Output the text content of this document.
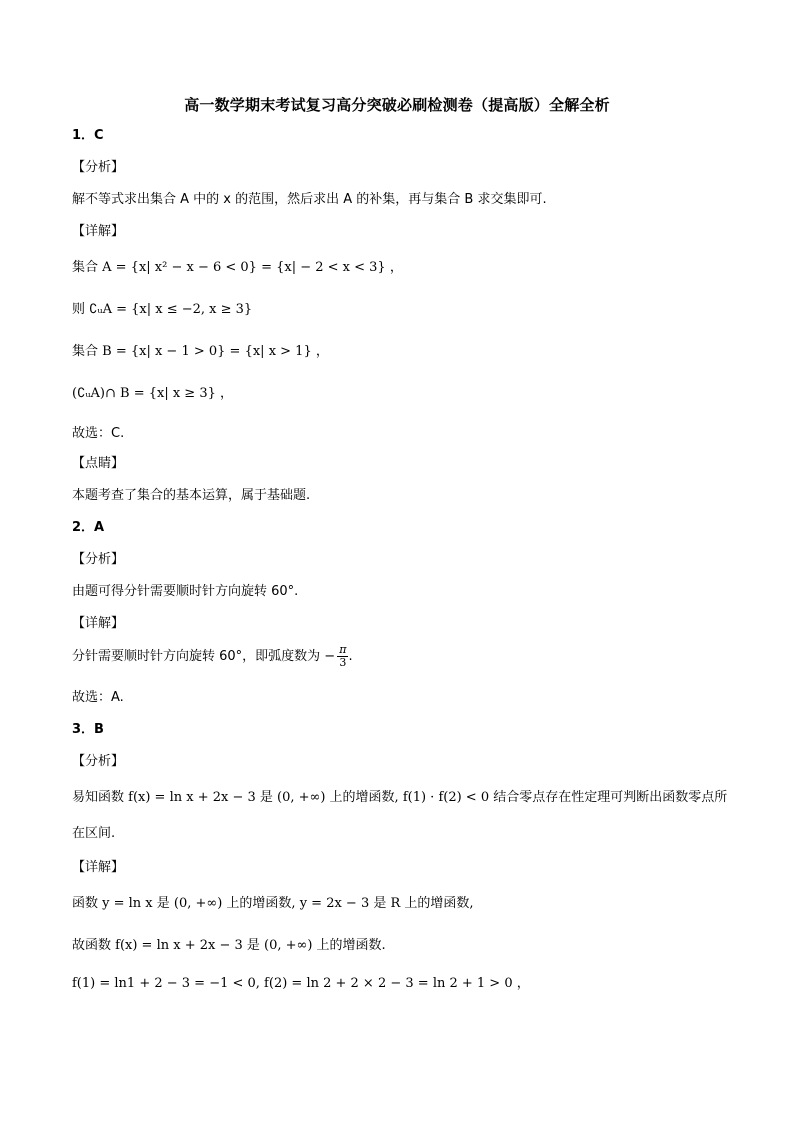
高一数学期末考试复习高分突破必刷检测卷（提高版）全解全析
1．C
【分析】
解不等式求出集合 A 中的 x 的范围，然后求出 A 的补集，再与集合 B 求交集即可.
【详解】
集合 A = {x| x² − x − 6 < 0} = {x| − 2 < x < 3} ，
则 ∁ᵤA = {x| x ≤ −2, x ≥ 3}
集合 B = {x| x − 1 > 0} = {x| x > 1} ，
(∁ᵤA)∩ B = {x| x ≥ 3} ，
故选：C.
【点睛】
本题考查了集合的基本运算，属于基础题.
2．A
【分析】
由题可得分针需要顺时针方向旋转 60°.
【详解】
分针需要顺时针方向旋转 60°，即弧度数为 − $\frac{\pi}{3}$ .
故选：A.
3．B
【分析】
易知函数 f(x) = ln x + 2x − 3 是 (0, +∞) 上的增函数, f(1) · f(2) < 0 结合零点存在性定理可判断出函数零点所
在区间.
【详解】
函数 y = ln x 是 (0, +∞) 上的增函数, y = 2x − 3 是 R 上的增函数,
故函数 f(x) = ln x + 2x − 3 是 (0, +∞) 上的增函数.
f(1) = ln1 + 2 − 3 = −1 < 0, f(2) = ln 2 + 2 × 2 − 3 = ln 2 + 1 > 0 ，
